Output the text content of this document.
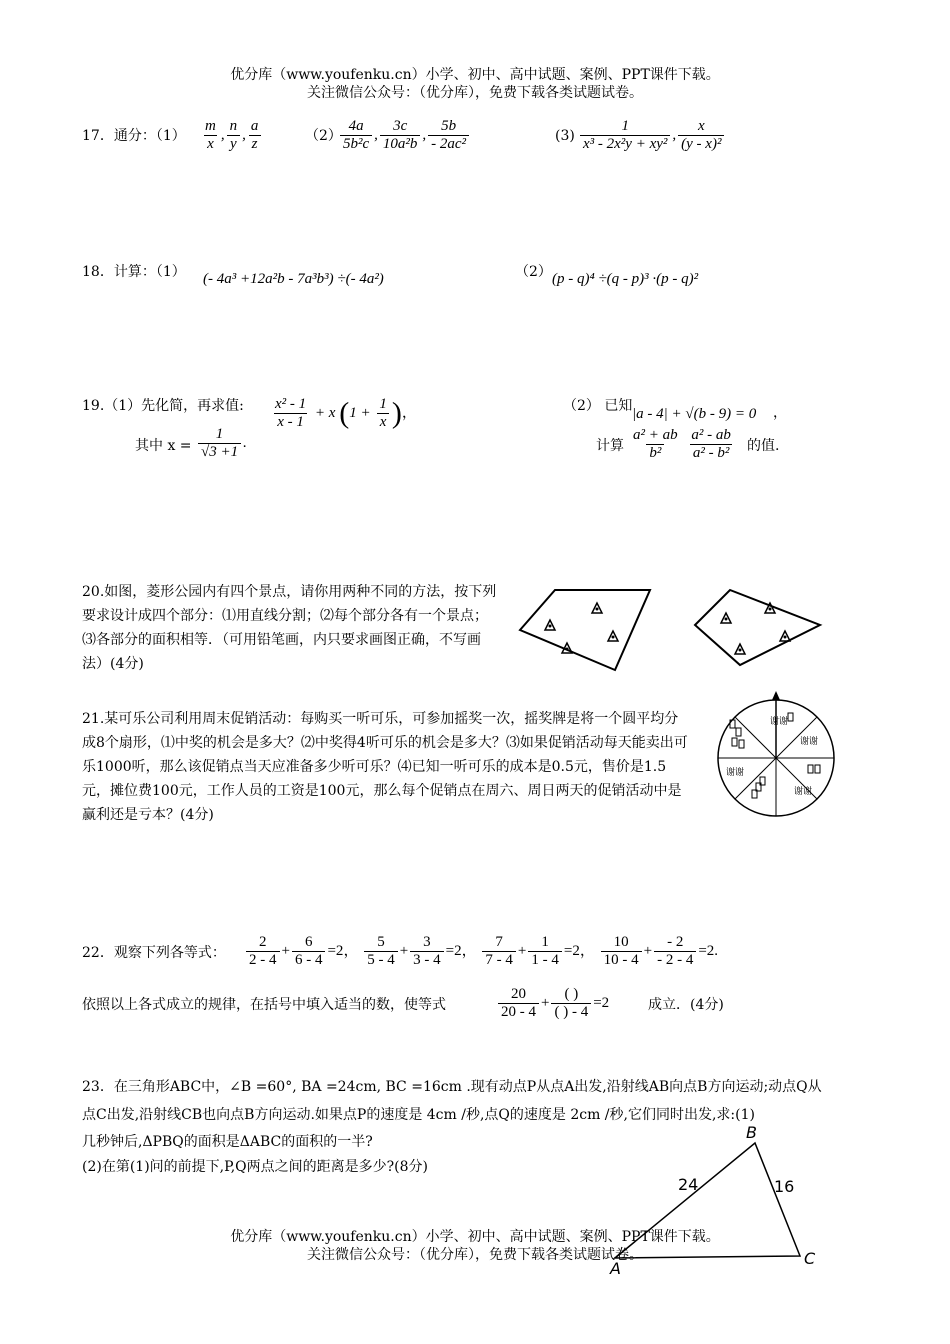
优分库（www.youfenku.cn）小学、初中、高中试题、案例、PPT课件下载。
关注微信公众号：（优分库），免费下载各类试题试卷。
17．通分：$(1) \frac{m}{x}$ , $\frac{n}{y}$ , $\frac{a}{z}$	（2）
$\frac{4a}{\text{5b²c}}$ , $\frac{3c}{\text{10a²b}}$ , $\frac{5b}{\text{- 2ac²}}$	$(3) \frac{1}{\text{x³ - 2x²y + xy²}}$ , $\frac{x}{\text{(y - x)²}}$
18．计算：（1） (- 4a³ +12a²b - 7a³b³) ÷(- 4a²)	（2） (p - q)⁴ ÷(q - p)³ ·(p - q)²
19.（1）先化简，再求值: $\frac{\text{x² - 1}}{x - 1} + x$ ($1 + \frac{1}{x}$ )，
其中 $x = \frac{1}{√3 +1}$ .
（2） 已知 |a - 4| + √(b - 9) = 0 ，
计算 $\frac{\text{a² + ab}}{\text{b²}}$
$\frac{\text{a² - ab}}{\text{a² - b²}}$ 的值.
20.如图，菱形公园内有四个景点，请你用两种不同的方法，按下列要求设计成四个部分：⑴用直线分割；⑵每个部分各有一个景点；⑶各部分的面积相等．（可用铅笔画，内只要求画图正确，不写画法）(4分)
21.某可乐公司利用周末促销活动：每购买一听可乐，可参加摇奖一次，摇奖牌是将一个圆平均分成8个扇形，⑴中奖的机会是多大？⑵中奖得4听可乐的机会是多大？⑶如果促销活动每天能卖出可乐1000听，那么该促销点当天应准备多少听可乐？⑷已知一听可乐的成本是0.5元，售价是1.5元，摊位费100元，工作人员的工资是100元，那么每个促销点在周六、周日两天的促销活动中是赢利还是亏本？(4分)
谢谢
谢谢
谢谢
谢谢
22．观察下列各等式： $\frac{2}{2 - 4} + \frac{6}{6 - 4} =2$， $\frac{5}{5 - 4} + \frac{3}{3 - 4} =2$， $\frac{7}{7 - 4} + \frac{1}{1 - 4} =2$， $\frac{10}{10 - 4} + \frac{- 2}{- 2 - 4} =2$.
依照以上各式成立的规律，在括号中填入适当的数，使等式	$\frac{20}{20 - 4} + \frac{( )}{( ) - 4} =2$	成立．(4分)
23．在三角形ABC中，∠B =60°, BA =24cm, BC =16cm .现有动点P从点A出发,沿射线AB向点B方向运动;动点Q从
点C出发,沿射线CB也向点B方向运动.如果点P的速度是 4cm /秒,点Q的速度是 2cm /秒,它们同时出发,求:(1)
几秒钟后,ΔPBQ的面积是ΔABC的面积的一半?
(2)在第(1)问的前提下,P,Q两点之间的距离是多少?(8分)
B
A
C
24	16
优分库（www.youfenku.cn）小学、初中、高中试题、案例、PPT课件下载。
关注微信公众号：（优分库），免费下载各类试题试卷。
